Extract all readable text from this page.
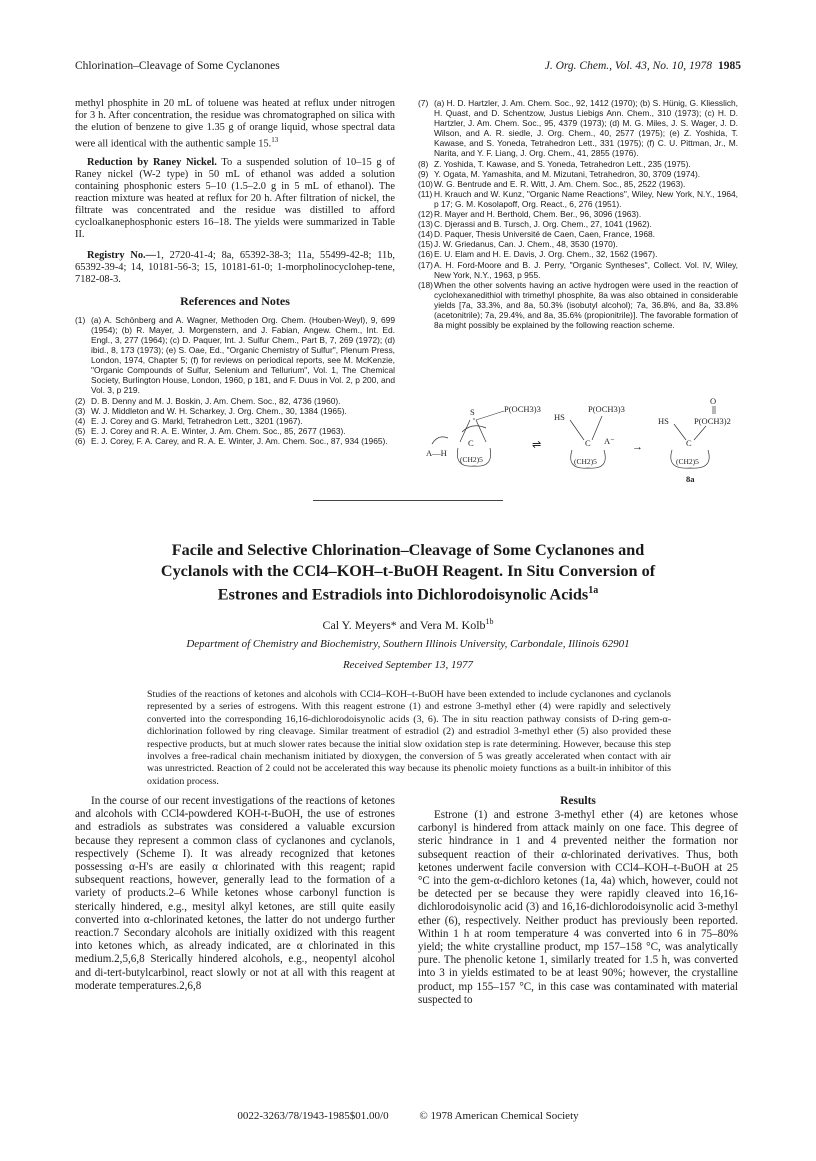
Chlorination–Cleavage of Some Cyclanones	J. Org. Chem., Vol. 43, No. 10, 1978 1985

methyl phosphite in 20 mL of toluene was heated at reflux under nitrogen for 3 h. After concentration, the residue was chromatographed on silica with the elution of benzene to give 1.35 g of orange liquid, whose spectral data were all identical with the authentic sample 15.13

Reduction by Raney Nickel. To a suspended solution of 10–15 g of Raney nickel (W-2 type) in 50 mL of ethanol was added a solution containing phosphonic esters 5–10 (1.5–2.0 g in 5 mL of ethanol). The reaction mixture was heated at reflux for 20 h. After filtration of nickel, the filtrate was concentrated and the residue was distilled to afford cycloalkanephosphonic esters 16–18. The yields were summarized in Table II.

Registry No.—1, 2720-41-4; 8a, 65392-38-3; 11a, 55499-42-8; 11b, 65392-39-4; 14, 10181-56-3; 15, 10181-61-0; 1-morpholinocyclohep-tene, 7182-08-3.

References and Notes
(1) (a) A. Schönberg and A. Wagner, Methoden Org. Chem. (Houben-Weyl), 9, 699 (1954); (b) R. Mayer, J. Morgenstern, and J. Fabian, Angew. Chem., Int. Ed. Engl., 3, 277 (1964); (c) D. Paquer, Int. J. Sulfur Chem., Part B, 7, 269 (1972); (d) ibid., 8, 173 (1973); (e) S. Oae, Ed., "Organic Chemistry of Sulfur", Plenum Press, London, 1974, Chapter 5; (f) for reviews on periodical reports, see M. McKenzie, "Organic Compounds of Sulfur, Selenium and Tellurium", Vol. 1, The Chemical Society, Burlington House, London, 1960, p 181, and F. Duus in Vol. 2, p 200, and Vol. 3, p 219.
(2) D. B. Denny and M. J. Boskin, J. Am. Chem. Soc., 82, 4736 (1960).
(3) W. J. Middleton and W. H. Scharkey, J. Org. Chem., 30, 1384 (1965).
(4) E. J. Corey and G. Markl, Tetrahedron Lett., 3201 (1967).
(5) E. J. Corey and R. A. E. Winter, J. Am. Chem. Soc., 85, 2677 (1963).
(6) E. J. Corey, F. A. Carey, and R. A. E. Winter, J. Am. Chem. Soc., 87, 934 (1965).
(7) (a) H. D. Hartzler, J. Am. Chem. Soc., 92, 1412 (1970); (b) S. Hünig, G. Kliesslich, H. Quast, and D. Schentzow, Justus Liebigs Ann. Chem., 310 (1973); (c) H. D. Hartzler, J. Am. Chem. Soc., 95, 4379 (1973); (d) M. G. Miles, J. S. Wager, J. D. Wilson, and A. R. siedle, J. Org. Chem., 40, 2577 (1975); (e) Z. Yoshida, T. Kawase, and S. Yoneda, Tetrahedron Lett., 331 (1975); (f) C. U. Pittman, Jr., M. Narita, and Y. F. Liang, J. Org. Chem., 41, 2855 (1976).
(8) Z. Yoshida, T. Kawase, and S. Yoneda, Tetrahedron Lett., 235 (1975).
(9) Y. Ogata, M. Yamashita, and M. Mizutani, Tetrahedron, 30, 3709 (1974).
(10) W. G. Bentrude and E. R. Witt, J. Am. Chem. Soc., 85, 2522 (1963).
(11) H. Krauch and W. Kunz, "Organic Name Reactions", Wiley, New York, N.Y., 1964, p 17; G. M. Kosolapoff, Org. React., 6, 276 (1951).
(12) R. Mayer and H. Berthold, Chem. Ber., 96, 3096 (1963).
(13) C. Djerassi and B. Tursch, J. Org. Chem., 27, 1041 (1962).
(14) D. Paquer, Thesis Université de Caen, Caen, France, 1968.
(15) J. W. Griedanus, Can. J. Chem., 48, 3530 (1970).
(16) E. U. Elam and H. E. Davis, J. Org. Chem., 32, 1562 (1967).
(17) A. H. Ford-Moore and B. J. Perry, "Organic Syntheses", Collect. Vol. IV, Wiley, New York, N.Y., 1963, p 955.
(18) When the other solvents having an active hydrogen were used in the reaction of cyclohexanedithiol with trimethyl phosphite, 8a was also obtained in considerable yields [7a, 33.3%, and 8a, 50.3% (isobutyl alcohol); 7a, 36.8%, and 8a, 33.8% (acetonitrile); 7a, 29.4%, and 8a, 35.6% (propionitrile)]. The favorable formation of 8a might possibly be explained by the following reaction scheme.
A—H
S	P(OCH3)3
C
(CH2)5
⇌
HS
P(OCH3)3
C A⁻
(CH2)5
→
O
HS	P(OCH3)2
C
(CH2)5
8a
Facile and Selective Chlorination–Cleavage of Some Cyclanones and
Cyclanols with the CCl4–KOH–t-BuOH Reagent. In Situ Conversion of
Estrones and Estradiols into Dichlorodoisynolic Acids$^{1a}$
Cal Y. Meyers* and Vera M. Kolb$^{1b}$
Department of Chemistry and Biochemistry, Southern Illinois University, Carbondale, Illinois 62901
Received September 13, 1977

Studies of the reactions of ketones and alcohols with CCl4–KOH–t-BuOH have been extended to include cyclanones and cyclanols represented by a series of estrogens. With this reagent estrone (1) and estrone 3-methyl ether (4) were rapidly and selectively converted into the corresponding 16,16-dichlorodoisynolic acids (3, 6). The in situ reaction pathway consists of D-ring gem-α-dichlorination followed by ring cleavage. Similar treatment of estradiol (2) and estradiol 3-methyl ether (5) also provided these respective products, but at much slower rates because the initial slow oxidation step is rate determining. However, because this step involves a free-radical chain mechanism initiated by dioxygen, the conversion of 5 was greatly accelerated when contact with air was unrestricted. Reaction of 2 could not be accelerated this way because its phenolic moiety functions as a built-in inhibitor of this oxidation process.

In the course of our recent investigations of the reactions of ketones and alcohols with CCl4-powdered KOH-t-BuOH, the use of estrones and estradiols as substrates was considered a valuable excursion because they represent a common class of cyclanones and cyclanols, respectively (Scheme I). It was already recognized that ketones possessing α-H's are easily α chlorinated with this reagent; rapid subsequent reactions, however, generally lead to the formation of a variety of products.2–6 While ketones whose carbonyl function is sterically hindered, e.g., mesityl alkyl ketones, are still quite easily converted into α-chlorinated ketones, the latter do not undergo further reaction.7 Secondary alcohols are initially oxidized with this reagent into ketones which, as already indicated, are α chlorinated in this medium.2,5,6,8 Sterically hindered alcohols, e.g., neopentyl alcohol and di-tert-butylcarbinol, react slowly or not at all with this reagent at moderate temperatures.2,6,8

Results

Estrone (1) and estrone 3-methyl ether (4) are ketones whose carbonyl is hindered from attack mainly on one face. This degree of steric hindrance in 1 and 4 prevented neither the formation nor subsequent reaction of their α-chlorinated derivatives. Thus, both ketones underwent facile conversion with CCl4–KOH–t-BuOH at 25 °C into the gem-α-dichloro ketones (1a, 4a) which, however, could not be detected per se because they were rapidly cleaved into 16,16-dichlorodoisynolic acid (3) and 16,16-dichlorodoisynolic acid 3-methyl ether (6), respectively. Neither product has previously been reported. Within 1 h at room temperature 4 was converted into 6 in 75–80% yield; the white crystalline product, mp 157–158 °C, was analytically pure. The phenolic ketone 1, similarly treated for 1.5 h, was converted into 3 in yields estimated to be at least 90%; however, the crystalline product, mp 155–157 °C, in this case was contaminated with material suspected to

0022-3263/78/1943-1985$01.00/0	© 1978 American Chemical Society
